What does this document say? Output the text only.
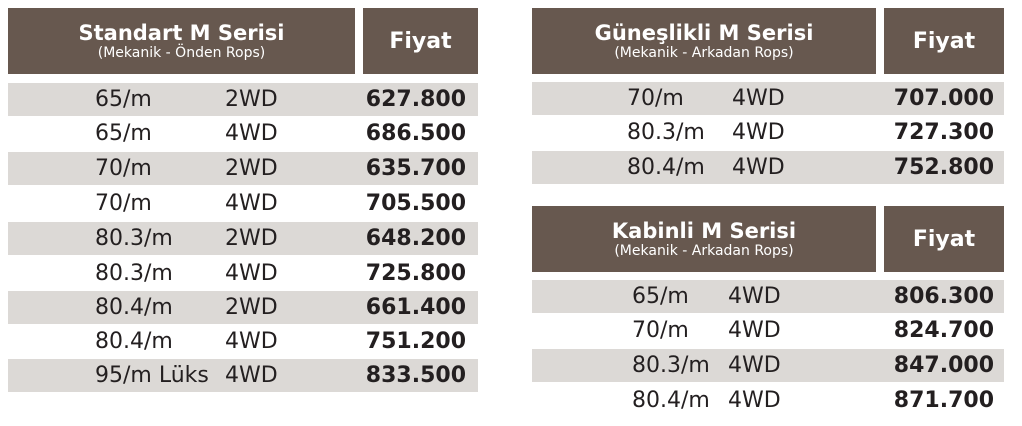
Standart M Serisi
(Mekanik - Önden Rops)	Fiyat
65/m	2WD	627.800
65/m	4WD	686.500
70/m	2WD	635.700
70/m	4WD	705.500
80.3/m 2WD	648.200
80.3/m 4WD	725.800
80.4/m 2WD	661.400
80.4/m 4WD	751.200
95/m Lüks 4WD	833.500
Güneşlikli M Serisi
(Mekanik - Arkadan Rops)	Fiyat
70/m 4WD	707.000
80.3/m 4WD	727.300
80.4/m 4WD	752.800
Kabinli M Serisi
(Mekanik - Arkadan Rops)	Fiyat
65/m 4WD	806.300
70/m 4WD	824.700
80.3/m 4WD	847.000
80.4/m 4WD	871.700
